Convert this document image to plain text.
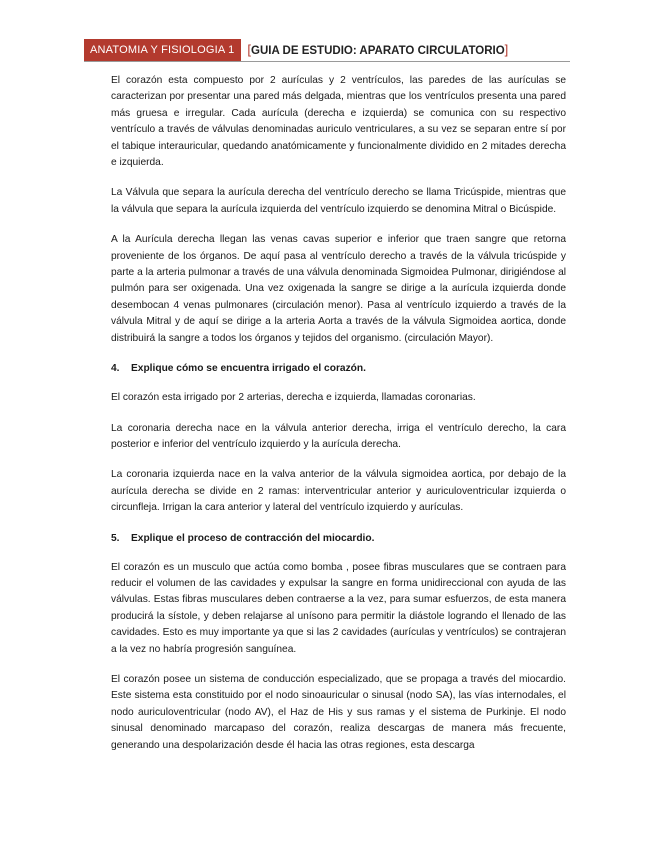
ANATOMIA Y FISIOLOGIA 1	[GUIA DE ESTUDIO: APARATO CIRCULATORIO]

El corazón esta compuesto por 2 aurículas y 2 ventrículos, las paredes de las aurículas se caracterizan por presentar una pared más delgada, mientras que los ventrículos presenta una pared más gruesa e irregular. Cada aurícula (derecha e izquierda) se comunica con su respectivo ventrículo a través de válvulas denominadas auriculo ventriculares, a su vez se separan entre sí por el tabique interauricular, quedando anatómicamente y funcionalmente dividido en 2 mitades derecha e izquierda.

La Válvula que separa la aurícula derecha del ventrículo derecho se llama Tricúspide, mientras que la válvula que separa la aurícula izquierda del ventrículo izquierdo se denomina Mitral o Bicúspide.

A la Aurícula derecha llegan las venas cavas superior e inferior que traen sangre que retorna proveniente de los órganos. De aquí pasa al ventrículo derecho a través de la válvula tricúspide y parte a la arteria pulmonar a través de una válvula denominada Sigmoidea Pulmonar, dirigiéndose al pulmón para ser oxigenada. Una vez oxigenada la sangre se dirige a la aurícula izquierda donde desembocan 4 venas pulmonares (circulación menor). Pasa al ventrículo izquierdo a través de la válvula Mitral y de aquí se dirige a la arteria Aorta a través de la válvula Sigmoidea aortica, donde distribuirá la sangre a todos los órganos y tejidos del organismo. (circulación Mayor).

4.	Explique cómo se encuentra irrigado el corazón.

El corazón esta irrigado por 2 arterias, derecha e izquierda, llamadas coronarias.

La coronaria derecha nace en la válvula anterior derecha, irriga el ventrículo derecho, la cara posterior e inferior del ventrículo izquierdo y la aurícula derecha.

La coronaria izquierda nace en la valva anterior de la válvula sigmoidea aortica, por debajo de la aurícula derecha se divide en 2 ramas: interventricular anterior y auriculoventricular izquierda o circunfleja. Irrigan la cara anterior y lateral del ventrículo izquierdo y aurículas.

5.	Explique el proceso de contracción del miocardio.

El corazón es un musculo que actúa como bomba , posee fibras musculares que se contraen para reducir el volumen de las cavidades y expulsar la sangre en forma unidireccional con ayuda de las válvulas. Estas fibras musculares deben contraerse a la vez, para sumar esfuerzos, de esta manera producirá la sístole, y deben relajarse al unísono para permitir la diástole logrando el llenado de las cavidades. Esto es muy importante ya que si las 2 cavidades (aurículas y ventrículos) se contrajeran a la vez no habría progresión sanguínea.

El corazón posee un sistema de conducción especializado, que se propaga a través del miocardio. Este sistema esta constituido por el nodo sinoauricular o sinusal (nodo SA), las vías internodales, el nodo auriculoventricular (nodo AV), el Haz de His y sus ramas y el sistema de Purkinje. El nodo sinusal denominado marcapaso del corazón, realiza descargas de manera más frecuente, generando una despolarización desde él hacia las otras regiones, esta descarga
